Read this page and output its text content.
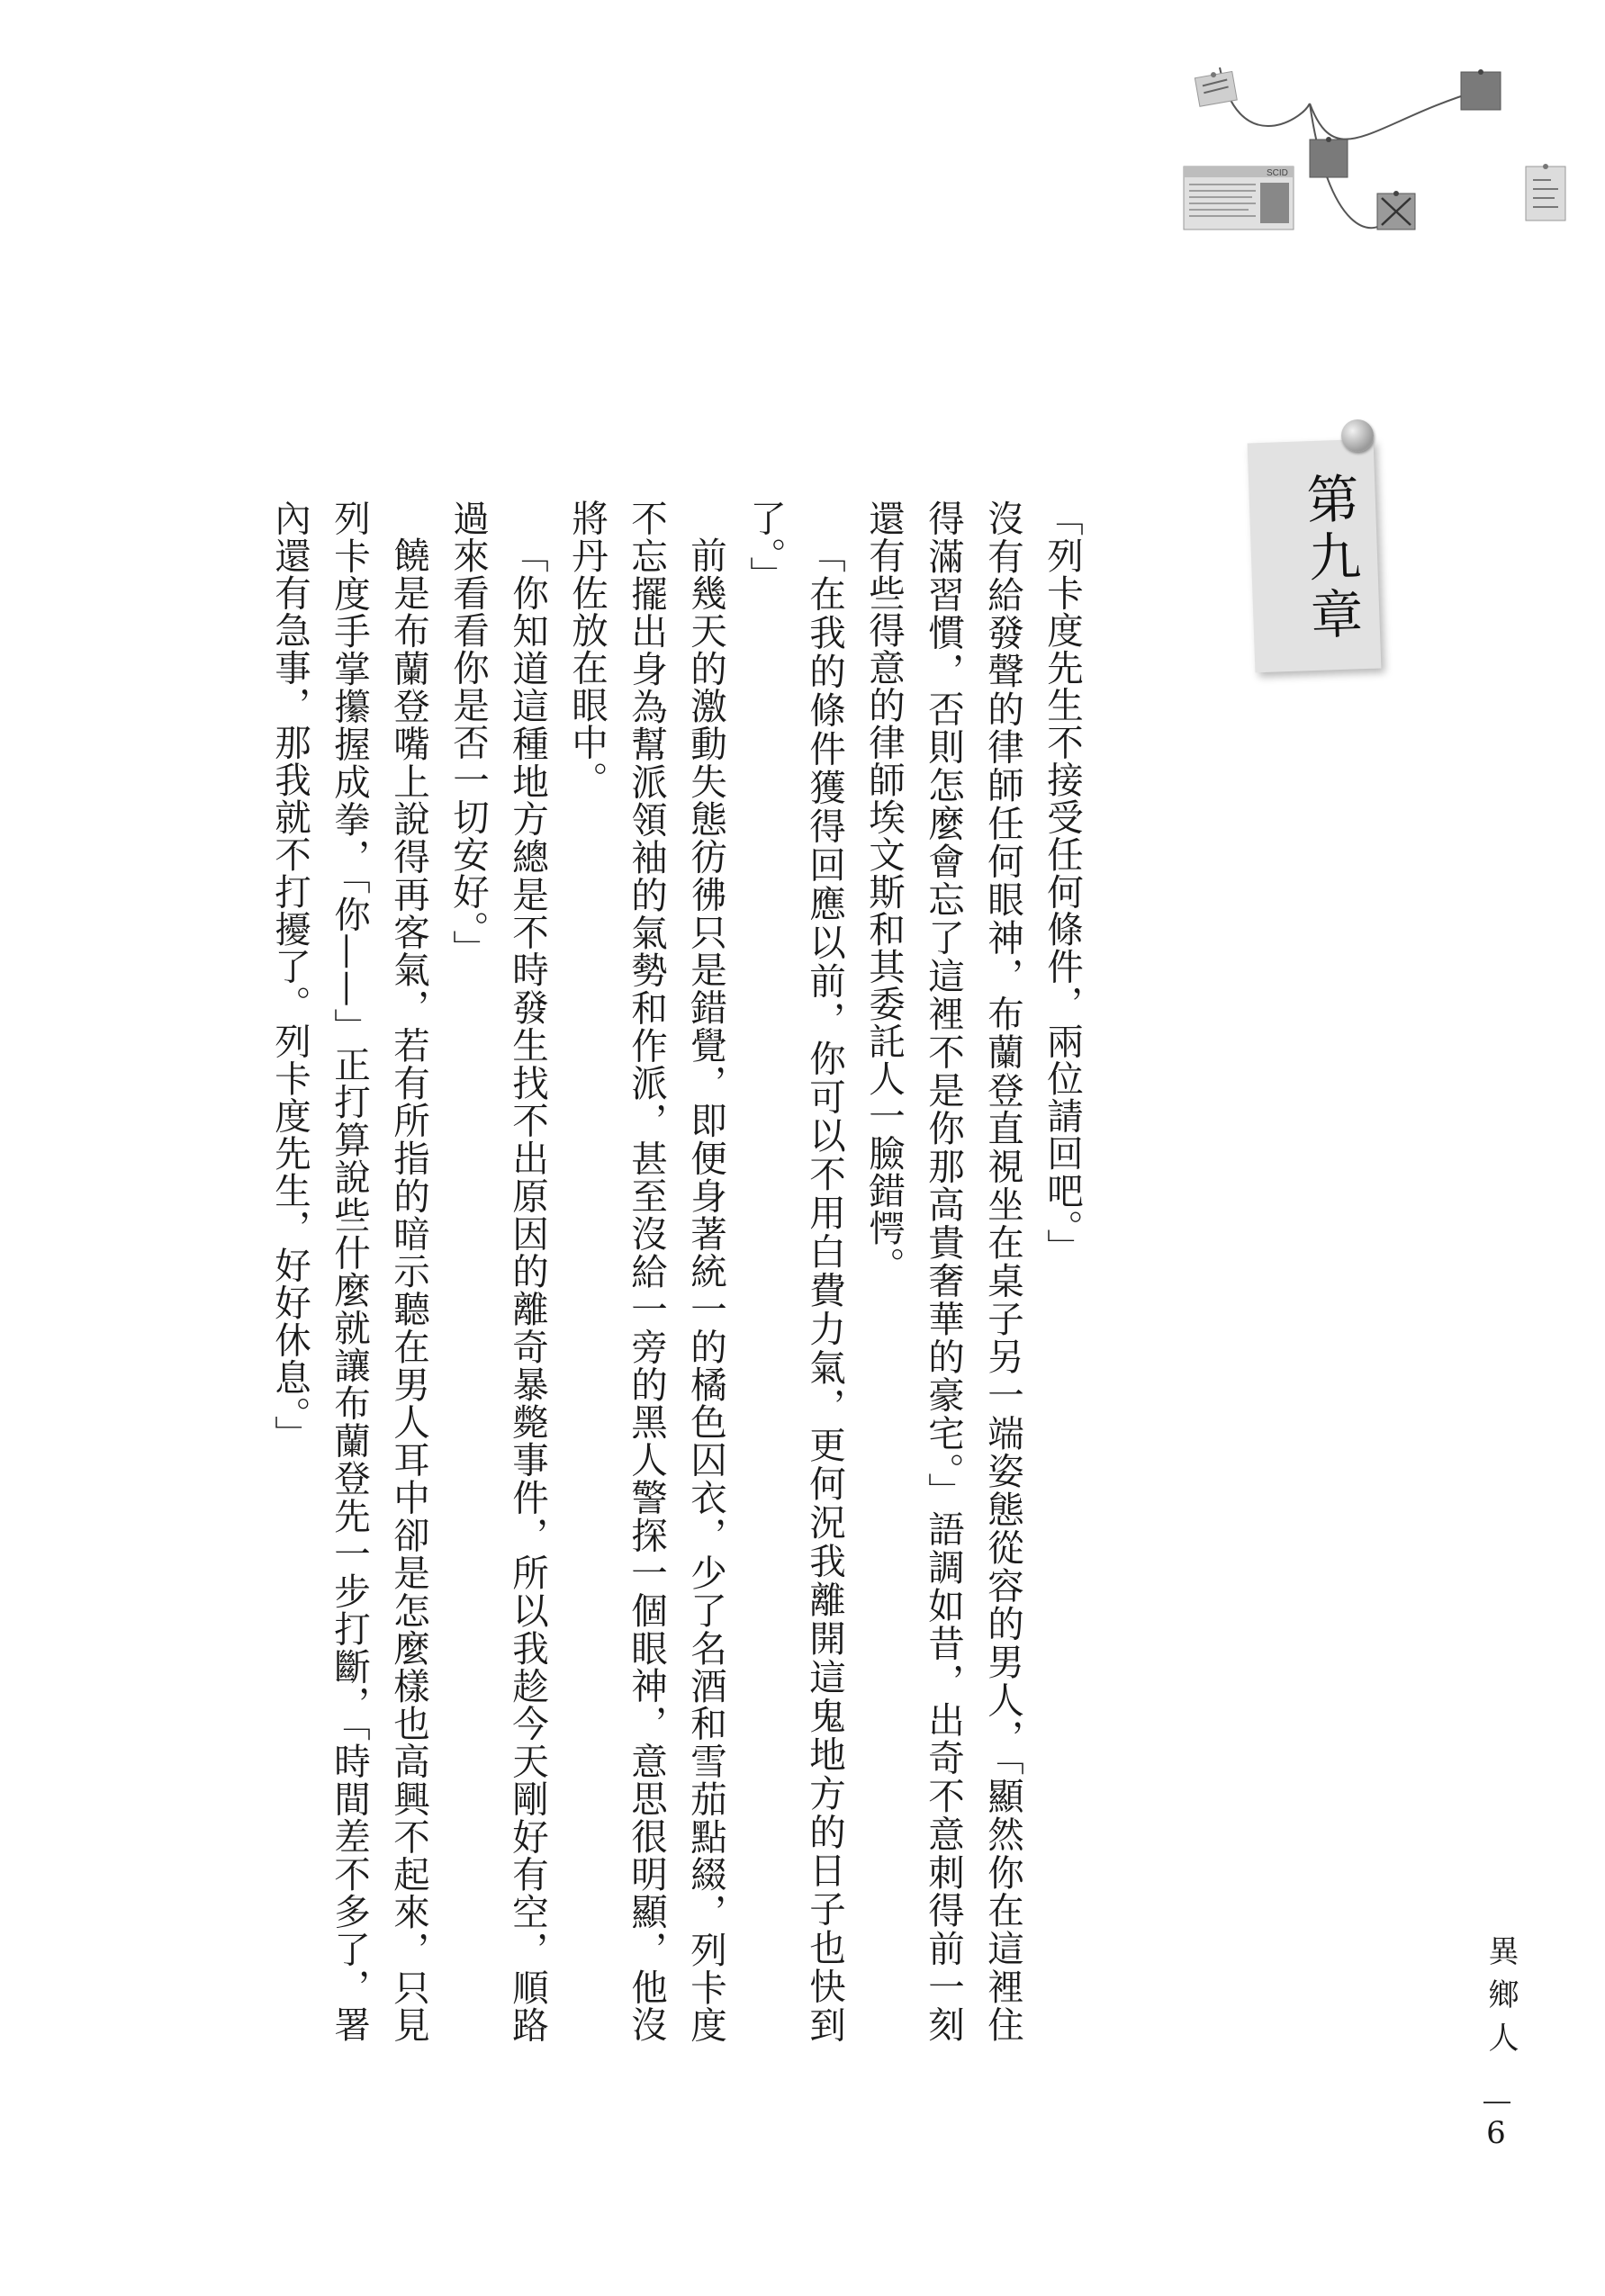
SCID
第九章

「列卡度先生不接受任何條件，兩位請回吧。」

沒有給發聲的律師任何眼神，布蘭登直視坐在桌子另一端姿態從容的男人，「顯然你在這裡住得滿習慣，否則怎麼會忘了這裡不是你那高貴奢華的豪宅。」語調如昔，出奇不意刺得前一刻還有些得意的律師埃文斯和其委託人一臉錯愕。

「在我的條件獲得回應以前，你可以不用白費力氣，更何況我離開這鬼地方的日子也快到了。」

前幾天的激動失態彷彿只是錯覺，即便身著統一的橘色囚衣，少了名酒和雪茄點綴，列卡度不忘擺出身為幫派領袖的氣勢和作派，甚至沒給一旁的黑人警探一個眼神，意思很明顯，他沒將丹佐放在眼中。

「你知道這種地方總是不時發生找不出原因的離奇暴斃事件，所以我趁今天剛好有空，順路過來看看你是否一切安好。」

饒是布蘭登嘴上說得再客氣，若有所指的暗示聽在男人耳中卻是怎麼樣也高興不起來，只見列卡度手掌攥握成拳，「你——」正打算說些什麼就讓布蘭登先一步打斷，「時間差不多了，署內還有急事，那我就不打擾了。列卡度先生，好好休息。」

異鄉人
6
